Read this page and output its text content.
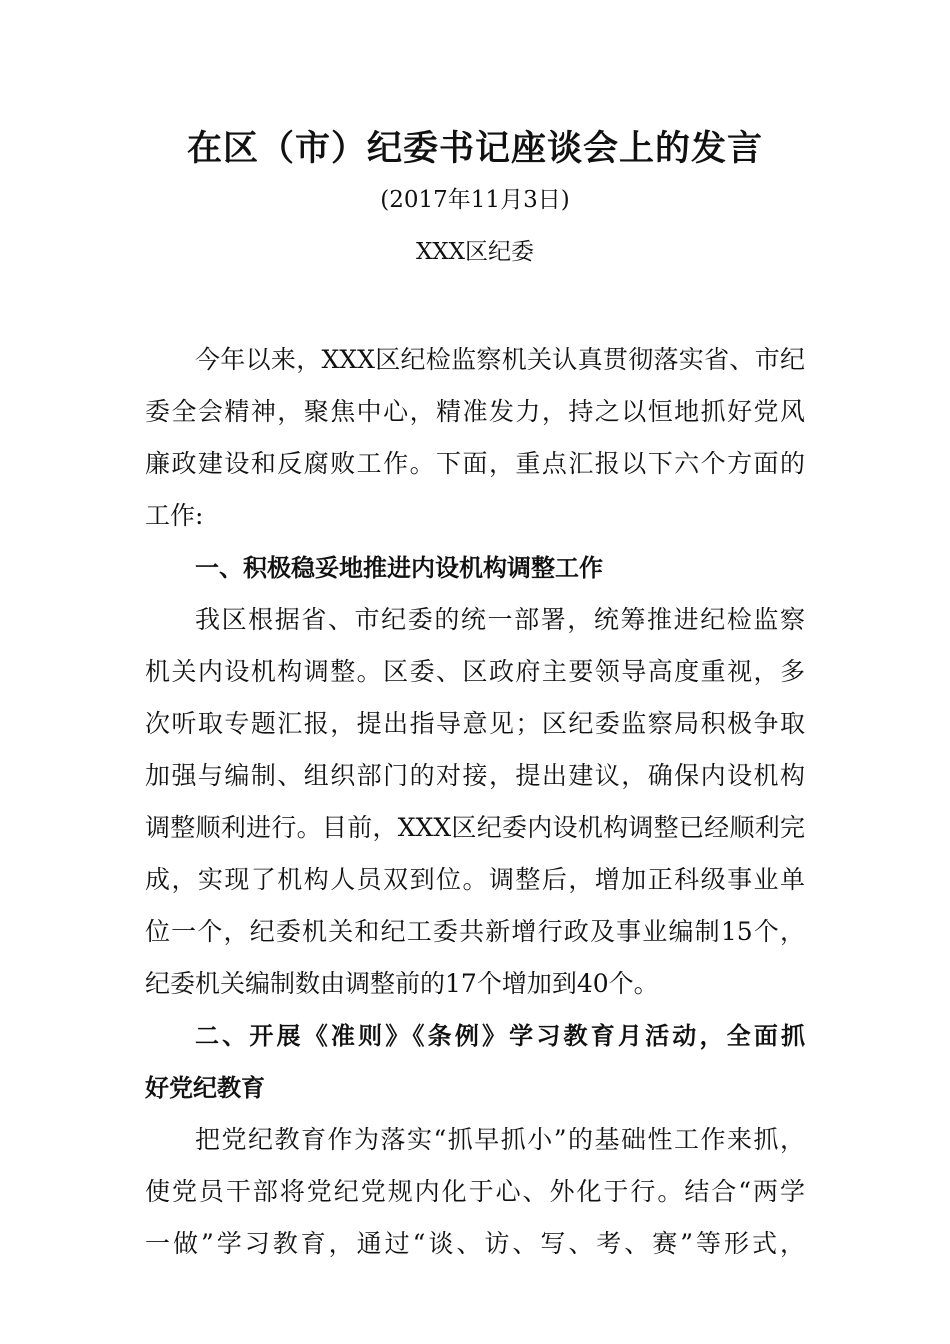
在区（市）纪委书记座谈会上的发言
(2017年11月3日)
XXX区纪委
今年以来，XXX区纪检监察机关认真贯彻落实省、市纪
委全会精神，聚焦中心，精准发力，持之以恒地抓好党风
廉政建设和反腐败工作。下面，重点汇报以下六个方面的
工作:
一、积极稳妥地推进内设机构调整工作
我区根据省、市纪委的统一部署，统筹推进纪检监察
机关内设机构调整。区委、区政府主要领导高度重视，多
次听取专题汇报，提出指导意见；区纪委监察局积极争取
加强与编制、组织部门的对接，提出建议，确保内设机构
调整顺利进行。目前，XXX区纪委内设机构调整已经顺利完
成，实现了机构人员双到位。调整后，增加正科级事业单
位一个，纪委机关和纪工委共新增行政及事业编制15个，
纪委机关编制数由调整前的17个增加到40个。
二、开展《准则》《条例》学习教育月活动，全面抓
好党纪教育
把党纪教育作为落实“抓早抓小”的基础性工作来抓，
使党员干部将党纪党规内化于心、外化于行。结合“两学
一做”学习教育，通过“谈、访、写、考、赛”等形式，
